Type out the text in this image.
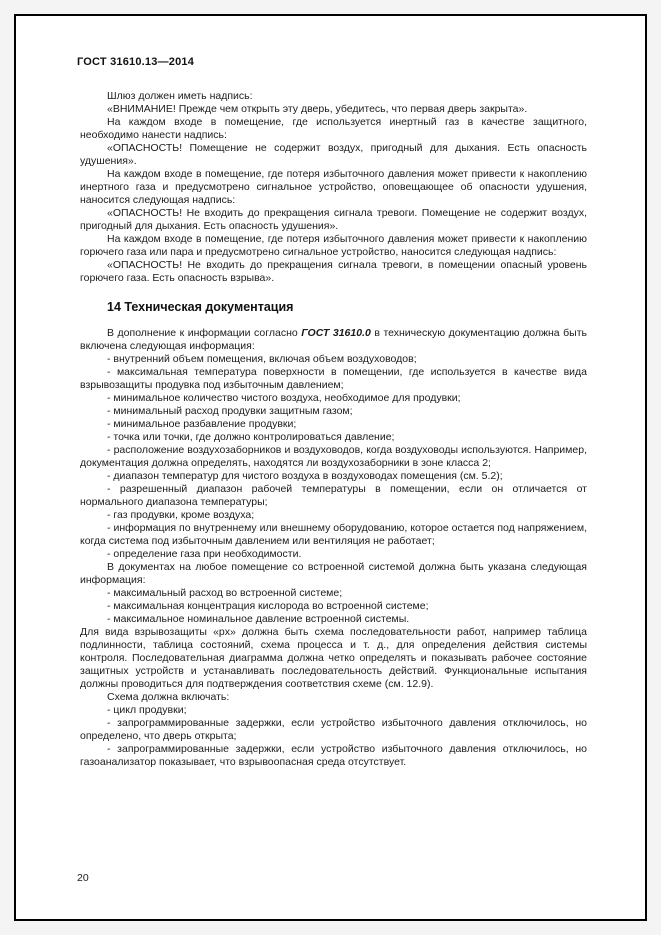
ГОСТ 31610.13—2014

Шлюз должен иметь надпись:

«ВНИМАНИЕ! Прежде чем открыть эту дверь, убедитесь, что первая дверь закрыта».

На каждом входе в помещение, где используется инертный газ в качестве защитного, необходимо нанести надпись:

«ОПАСНОСТЬ! Помещение не содержит воздух, пригодный для дыхания. Есть опасность удушения».

На каждом входе в помещение, где потеря избыточного давления может привести к накоплению инертного газа и предусмотрено сигнальное устройство, оповещающее об опасности удушения, наносится следующая надпись:

«ОПАСНОСТЬ! Не входить до прекращения сигнала тревоги. Помещение не содержит воздух, пригодный для дыхания. Есть опасность удушения».

На каждом входе в помещение, где потеря избыточного давления может привести к накоплению горючего газа или пара и предусмотрено сигнальное устройство, наносится следующая надпись:

«ОПАСНОСТЬ! Не входить до прекращения сигнала тревоги, в помещении опасный уровень горючего газа. Есть опасность взрыва».

14 Техническая документация

В дополнение к информации согласно ГОСТ 31610.0 в техническую документацию должна быть включена следующая информация:

- внутренний объем помещения, включая объем воздуховодов;

- максимальная температура поверхности в помещении, где используется в качестве вида взрывозащиты продувка под избыточным давлением;

- минимальное количество чистого воздуха, необходимое для продувки;

- минимальный расход продувки защитным газом;

- минимальное разбавление продувки;

- точка или точки, где должно контролироваться давление;

- расположение воздухозаборников и воздуховодов, когда воздуховоды используются. Например, документация должна определять, находятся ли воздухозаборники в зоне класса 2;

- диапазон температур для чистого воздуха в воздуховодах помещения (см. 5.2);

- разрешенный диапазон рабочей температуры в помещении, если он отличается от нормального диапазона температуры;

- газ продувки, кроме воздуха;

- информация по внутреннему или внешнему оборудованию, которое остается под напряжением, когда система под избыточным давлением или вентиляция не работает;

- определение газа при необходимости.

В документах на любое помещение со встроенной системой должна быть указана следующая информация:

- максимальный расход во встроенной системе;

- максимальная концентрация кислорода во встроенной системе;

- максимальное номинальное давление встроенной системы.

Для вида взрывозащиты «px» должна быть схема последовательности работ, например таблица подлинности, таблица состояний, схема процесса и т. д., для определения действия системы контроля. Последовательная диаграмма должна четко определять и показывать рабочее состояние защитных устройств и устанавливать последовательность действий. Функциональные испытания должны проводиться для подтверждения соответствия схеме (см. 12.9).

Схема должна включать:

- цикл продувки;

- запрограммированные задержки, если устройство избыточного давления отключилось, но определено, что дверь открыта;

- запрограммированные задержки, если устройство избыточного давления отключилось, но газоанализатор показывает, что взрывоопасная среда отсутствует.

20
